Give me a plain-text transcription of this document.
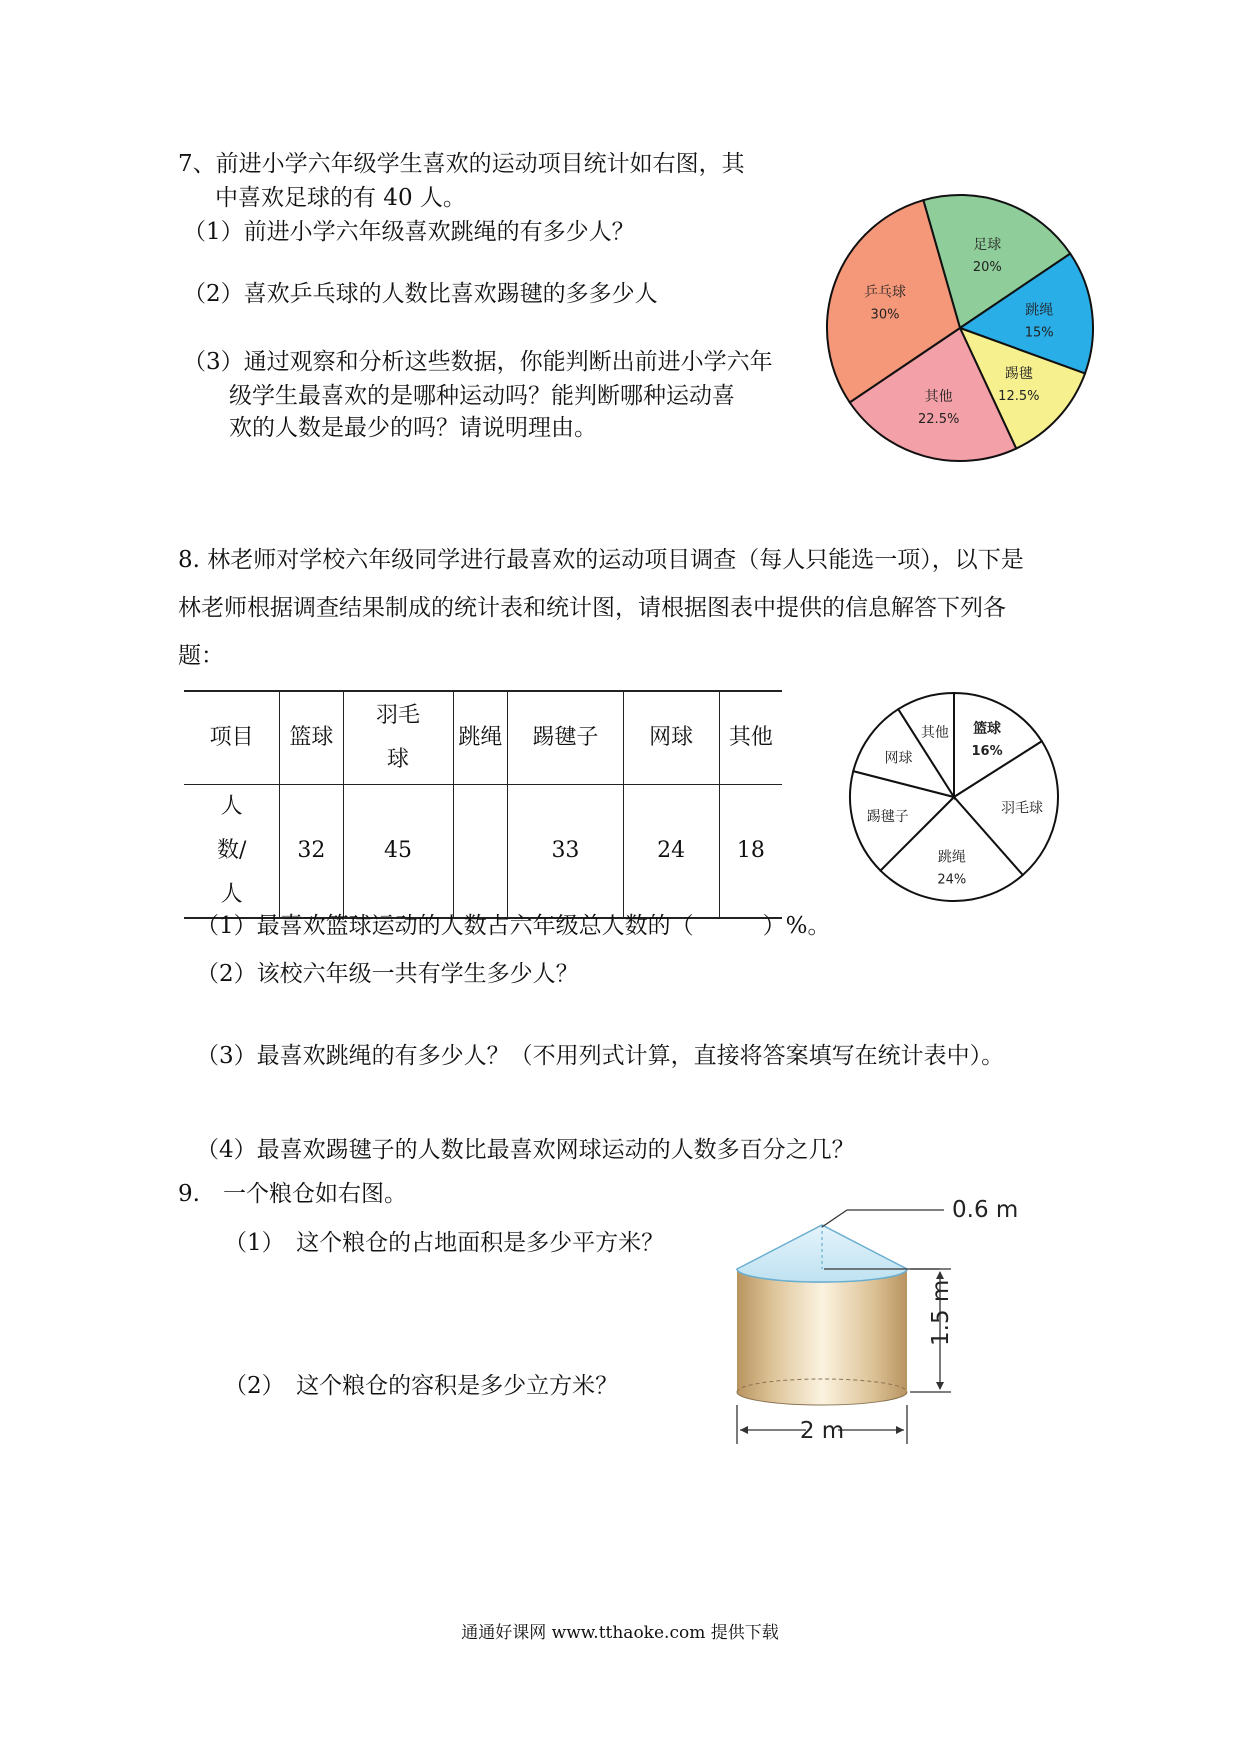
7、前进小学六年级学生喜欢的运动项目统计如右图，其
中喜欢足球的有 40 人。
（1）前进小学六年级喜欢跳绳的有多少人？
（2）喜欢乒乓球的人数比喜欢踢毽的多多少人
（3）通过观察和分析这些数据，你能判断出前进小学六年
级学生最喜欢的是哪种运动吗？能判断哪种运动喜
欢的人数是最少的吗？请说明理由。
足球
20%
跳绳
15%
踢毽
12.5%
其他
22.5%
乒乓球
30%
8. 林老师对学校六年级同学进行最喜欢的运动项目调查（每人只能选一项），以下是
林老师根据调查结果制成的统计表和统计图，请根据图表中提供的信息解答下列各
题：
项目	篮球	羽毛球	跳绳	踢毽子	网球	其他
人数/人	32	45		33	24	18
篮球
16%
羽毛球
跳绳
24%
踢毽子
网球
其他
（1）最喜欢篮球运动的人数占六年级总人数的（　　　）%。
（2）该校六年级一共有学生多少人？
（3）最喜欢跳绳的有多少人？（不用列式计算，直接将答案填写在统计表中）。
（4）最喜欢踢毽子的人数比最喜欢网球运动的人数多百分之几？
9.　一个粮仓如右图。
（1）　这个粮仓的占地面积是多少平方米？
（2）　这个粮仓的容积是多少立方米？
0.6 m
1.5 m
2 m
通通好课网 www.tthaoke.com 提供下载
